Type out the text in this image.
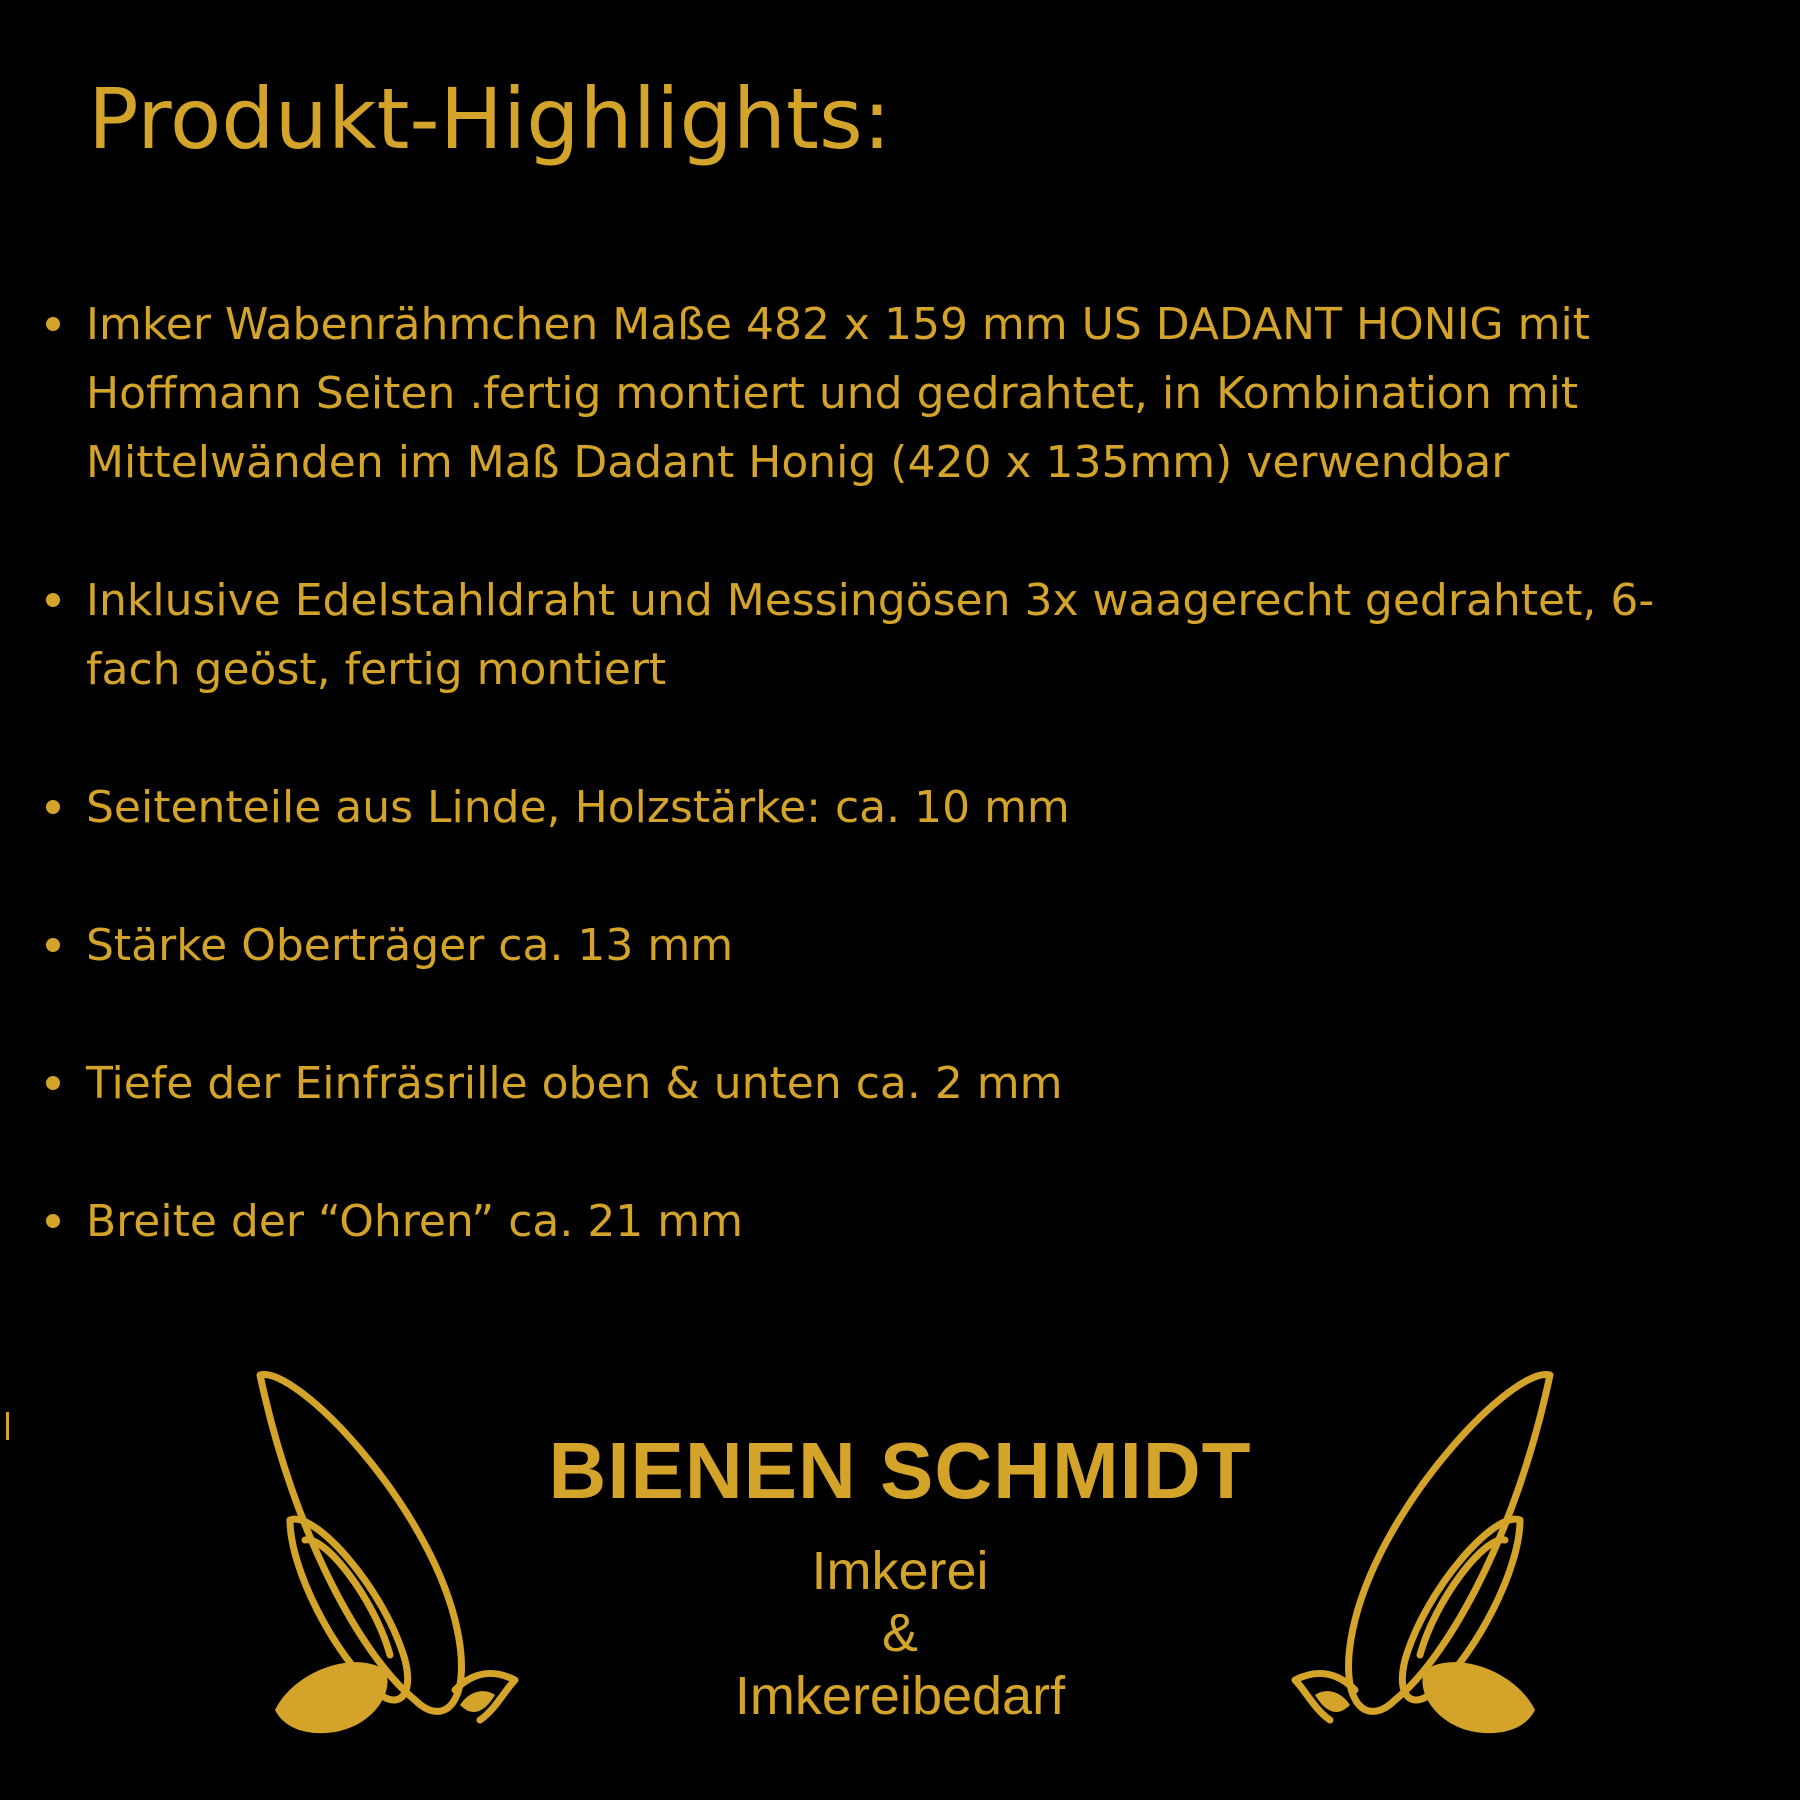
Produkt-Highlights:
Imker Wabenrähmchen Maße 482 x 159 mm US DADANT HONIG mit Hoffmann Seiten .fertig montiert und gedrahtet, in Kombination mit Mittelwänden im Maß Dadant Honig (420 x 135mm) verwendbar
Inklusive Edelstahldraht und Messingösen 3x waagerecht gedrahtet, 6-fach geöst, fertig montiert
Seitenteile aus Linde, Holzstärke: ca. 10 mm
Stärke Oberträger ca. 13 mm
Tiefe der Einfräsrille oben & unten ca. 2 mm
Breite der “Ohren” ca. 21 mm
BIENEN SCHMIDT
Imkerei
&
Imkereibedarf
